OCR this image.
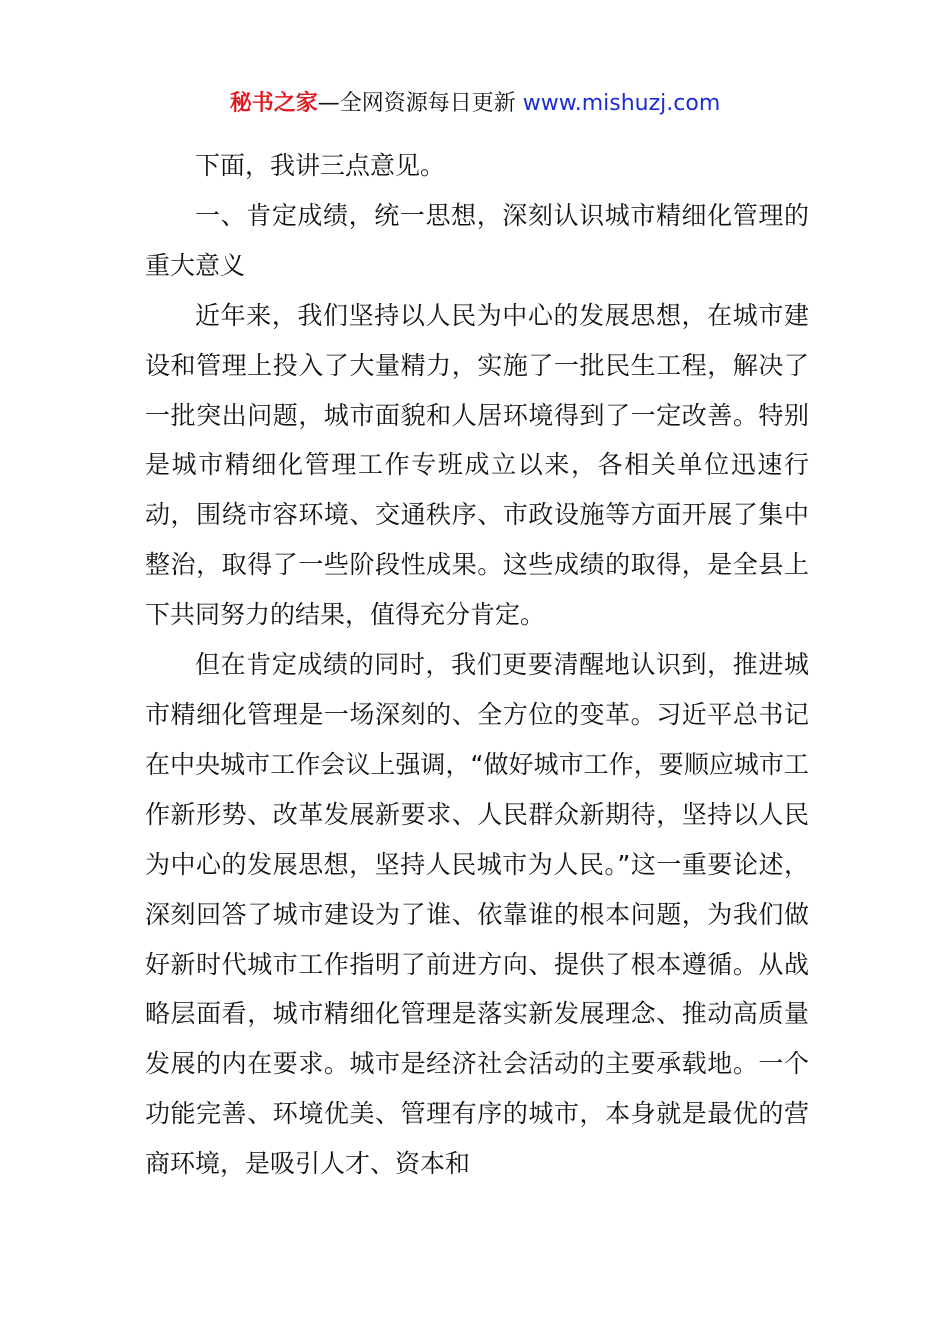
秘书之家—全网资源每日更新 www.mishuzj.com

下面，我讲三点意见。

一、肯定成绩，统一思想，深刻认识城市精细化管理的重大意义

近年来，我们坚持以人民为中心的发展思想，在城市建设和管理上投入了大量精力，实施了一批民生工程，解决了一批突出问题，城市面貌和人居环境得到了一定改善。特别是城市精细化管理工作专班成立以来，各相关单位迅速行动，围绕市容环境、交通秩序、市政设施等方面开展了集中整治，取得了一些阶段性成果。这些成绩的取得，是全县上下共同努力的结果，值得充分肯定。

但在肯定成绩的同时，我们更要清醒地认识到，推进城市精细化管理是一场深刻的、全方位的变革。习近平总书记在中央城市工作会议上强调，“做好城市工作，要顺应城市工作新形势、改革发展新要求、人民群众新期待，坚持以人民为中心的发展思想，坚持人民城市为人民。”这一重要论述，深刻回答了城市建设为了谁、依靠谁的根本问题，为我们做好新时代城市工作指明了前进方向、提供了根本遵循。从战略层面看，城市精细化管理是落实新发展理念、推动高质量发展的内在要求。城市是经济社会活动的主要承载地。一个功能完善、环境优美、管理有序的城市，本身就是最优的营商环境，是吸引人才、资本和
